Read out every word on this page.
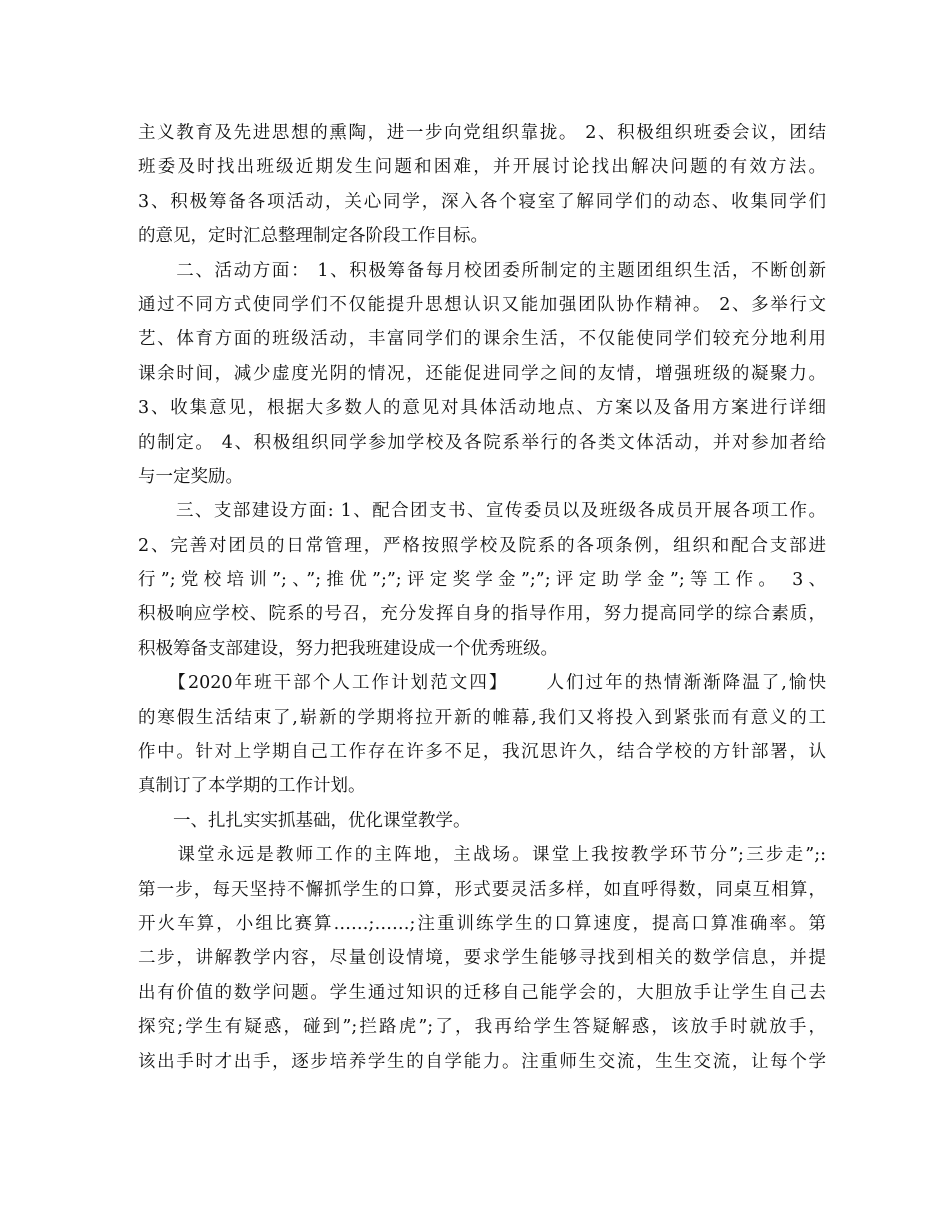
主义教育及先进思想的熏陶，进一步向党组织靠拢。 2、积极组织班委会议，团结
班委及时找出班级近期发生问题和困难，并开展讨论找出解决问题的有效方法。
3、积极筹备各项活动，关心同学，深入各个寝室了解同学们的动态、收集同学们
的意见，定时汇总整理制定各阶段工作目标。
　　二、活动方面： 1、积极筹备每月校团委所制定的主题团组织生活，不断创新
通过不同方式使同学们不仅能提升思想认识又能加强团队协作精神。 2、多举行文
艺、体育方面的班级活动，丰富同学们的课余生活，不仅能使同学们较充分地利用
课余时间，减少虚度光阴的情况，还能促进同学之间的友情，增强班级的凝聚力。
3、收集意见，根据大多数人的意见对具体活动地点、方案以及备用方案进行详细
的制定。 4、积极组织同学参加学校及各院系举行的各类文体活动，并对参加者给
与一定奖励。
　　三、支部建设方面: 1、配合团支书、宣传委员以及班级各成员开展各项工作。
2、完善对团员的日常管理，严格按照学校及院系的各项条例，组织和配合支部进
行”;党校培训”;、”;推优”;”;评定奖学金”;”;评定助学金”;等工作。 3、
积极响应学校、院系的号召，充分发挥自身的指导作用，努力提高同学的综合素质，
积极筹备支部建设，努力把我班建设成一个优秀班级。
　　【2020年班干部个人工作计划范文四】　　 人们过年的热情渐渐降温了,愉快
的寒假生活结束了,崭新的学期将拉开新的帷幕,我们又将投入到紧张而有意义的工
作中。针对上学期自己工作存在许多不足，我沉思许久，结合学校的方针部署，认
真制订了本学期的工作计划。
　　一、扎扎实实抓基础，优化课堂教学。
　　课堂永远是教师工作的主阵地，主战场。课堂上我按教学环节分”;三步走”;:
第一步，每天坚持不懈抓学生的口算，形式要灵活多样，如直呼得数，同桌互相算，
开火车算，小组比赛算……;……;注重训练学生的口算速度，提高口算准确率。第
二步，讲解教学内容，尽量创设情境，要求学生能够寻找到相关的数学信息，并提
出有价值的数学问题。学生通过知识的迁移自己能学会的，大胆放手让学生自己去
探究;学生有疑惑，碰到”;拦路虎”;了，我再给学生答疑解惑，该放手时就放手，
该出手时才出手，逐步培养学生的自学能力。注重师生交流，生生交流，让每个学
